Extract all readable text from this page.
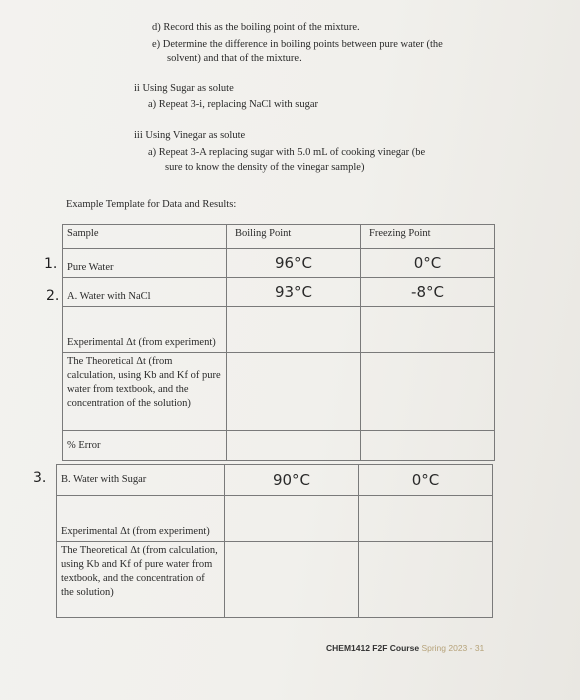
d) Record this as the boiling point of the mixture.
e) Determine the difference in boiling points between pure water (the
solvent) and that of the mixture.
ii Using Sugar as solute
a) Repeat 3-i, replacing NaCl with sugar
iii Using Vinegar as solute
a) Repeat 3-A replacing sugar with 5.0 mL of cooking vinegar (be
sure to know the density of the vinegar sample)
Example Template for Data and Results:
1.
2.
3.
Sample	Boiling Point	Freezing Point
Pure Water	96°C	0°C
A. Water with NaCl	93°C	-8°C
Experimental Δt (from experiment)		
The Theoretical Δt (from calculation, using Kb and Kf of pure water from textbook, and the concentration of the solution)		
% Error		
B. Water with Sugar	90°C	0°C
Experimental Δt (from experiment)		
The Theoretical Δt (from calculation, using Kb and Kf of pure water from textbook, and the concentration of the solution)		
CHEM1412 F2F Course Spring 2023 - 31
